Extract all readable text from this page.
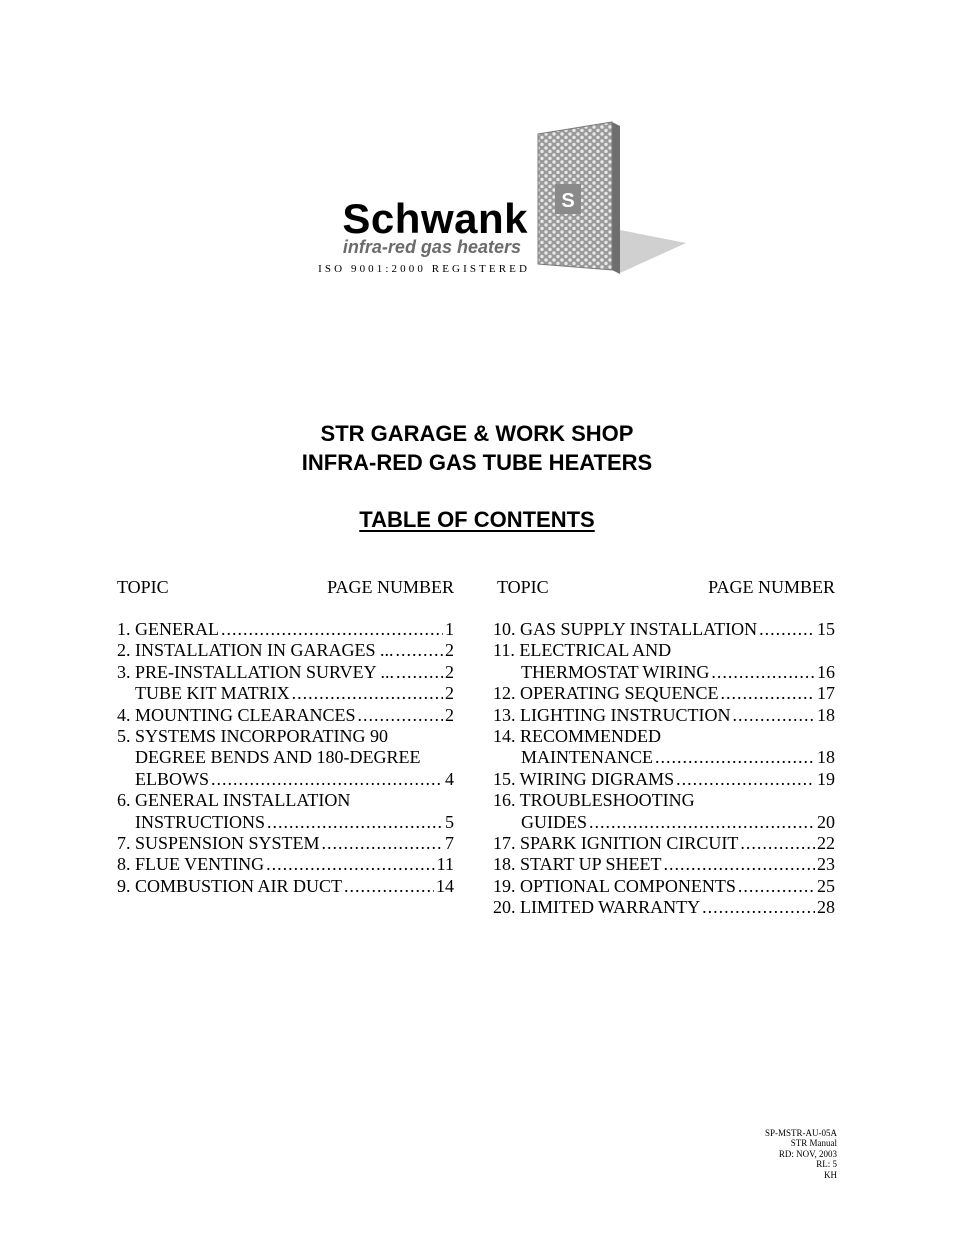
Schwank
infra-red gas heaters
ISO 9001:2000 REGISTERED
S
STR GARAGE & WORK SHOP
INFRA-RED GAS TUBE HEATERS
TABLE OF CONTENTS
TOPIC	PAGE NUMBER
1. GENERAL .....	1
2. INSTALLATION IN GARAGES ... .....	2
3. PRE-INSTALLATION SURVEY ... .....	2
TUBE KIT MATRIX .....	2
4. MOUNTING CLEARANCES .....	2
5. SYSTEMS INCORPORATING 90
DEGREE BENDS AND 180-DEGREE
ELBOWS .....	4
6. GENERAL INSTALLATION
INSTRUCTIONS .....	5
7. SUSPENSION SYSTEM .....	7
8. FLUE VENTING .....	11
9. COMBUSTION AIR DUCT .....	14
TOPIC	PAGE NUMBER
10. GAS SUPPLY INSTALLATION .....	15
11. ELECTRICAL AND
THERMOSTAT WIRING .....	16
12. OPERATING SEQUENCE .....	17
13. LIGHTING INSTRUCTION .....	18
14. RECOMMENDED
MAINTENANCE .....	18
15. WIRING DIGRAMS .....	19
16. TROUBLESHOOTING
GUIDES .....	20
17. SPARK IGNITION CIRCUIT .....	22
18. START UP SHEET .....	23
19. OPTIONAL COMPONENTS .....	25
20. LIMITED WARRANTY .....	28
SP-MSTR-AU-05A
STR Manual
RD: NOV, 2003
RL: 5
KH
